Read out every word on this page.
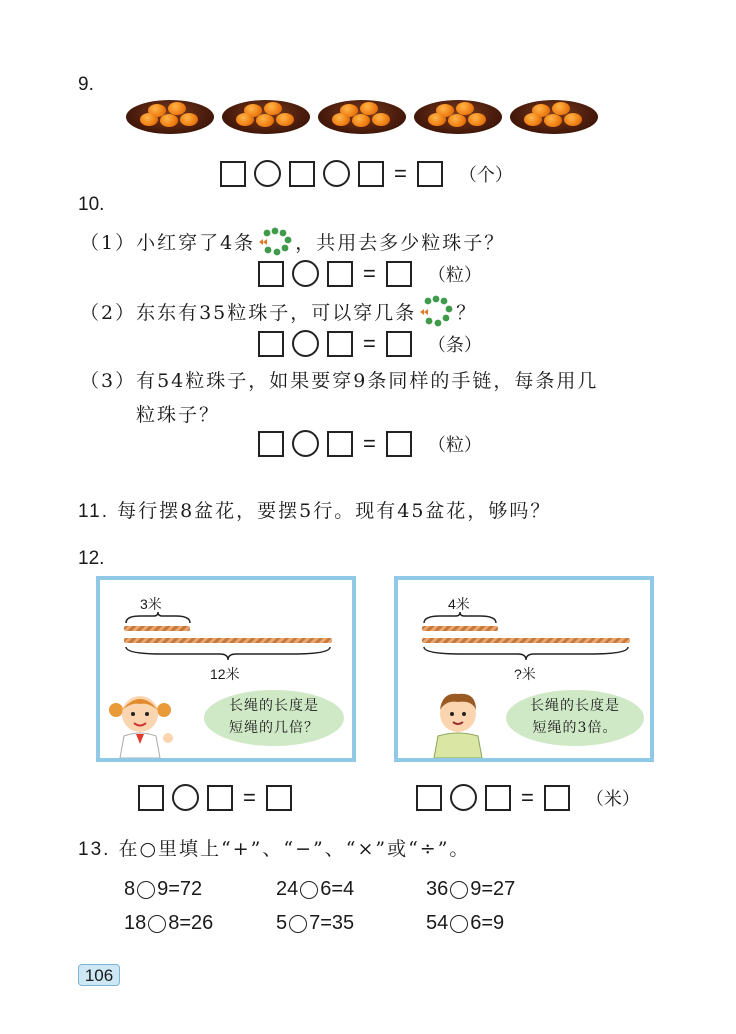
9.
=	（个）
10.
（1） 小红穿了4条 ，共用去多少粒珠子？
=	（粒）
（2） 东东有35粒珠子，可以穿几条 ？
=	（条）
（3）有54粒珠子，如果要穿9条同样的手链，每条用几
粒珠子？
=	（粒）
11. 每行摆8盆花，要摆5行。现有45盆花，够吗？
12.
3米
12米
长绳的长度是
短绳的几倍？
4米
?米
长绳的长度是
短绳的3倍。
=	=	（米）
13. 在○里填上“+”、“−”、“×”或“÷”。
8 9=72	24 6=4	36 9=27
18 8=26	5 7=35	54 6=9
106
